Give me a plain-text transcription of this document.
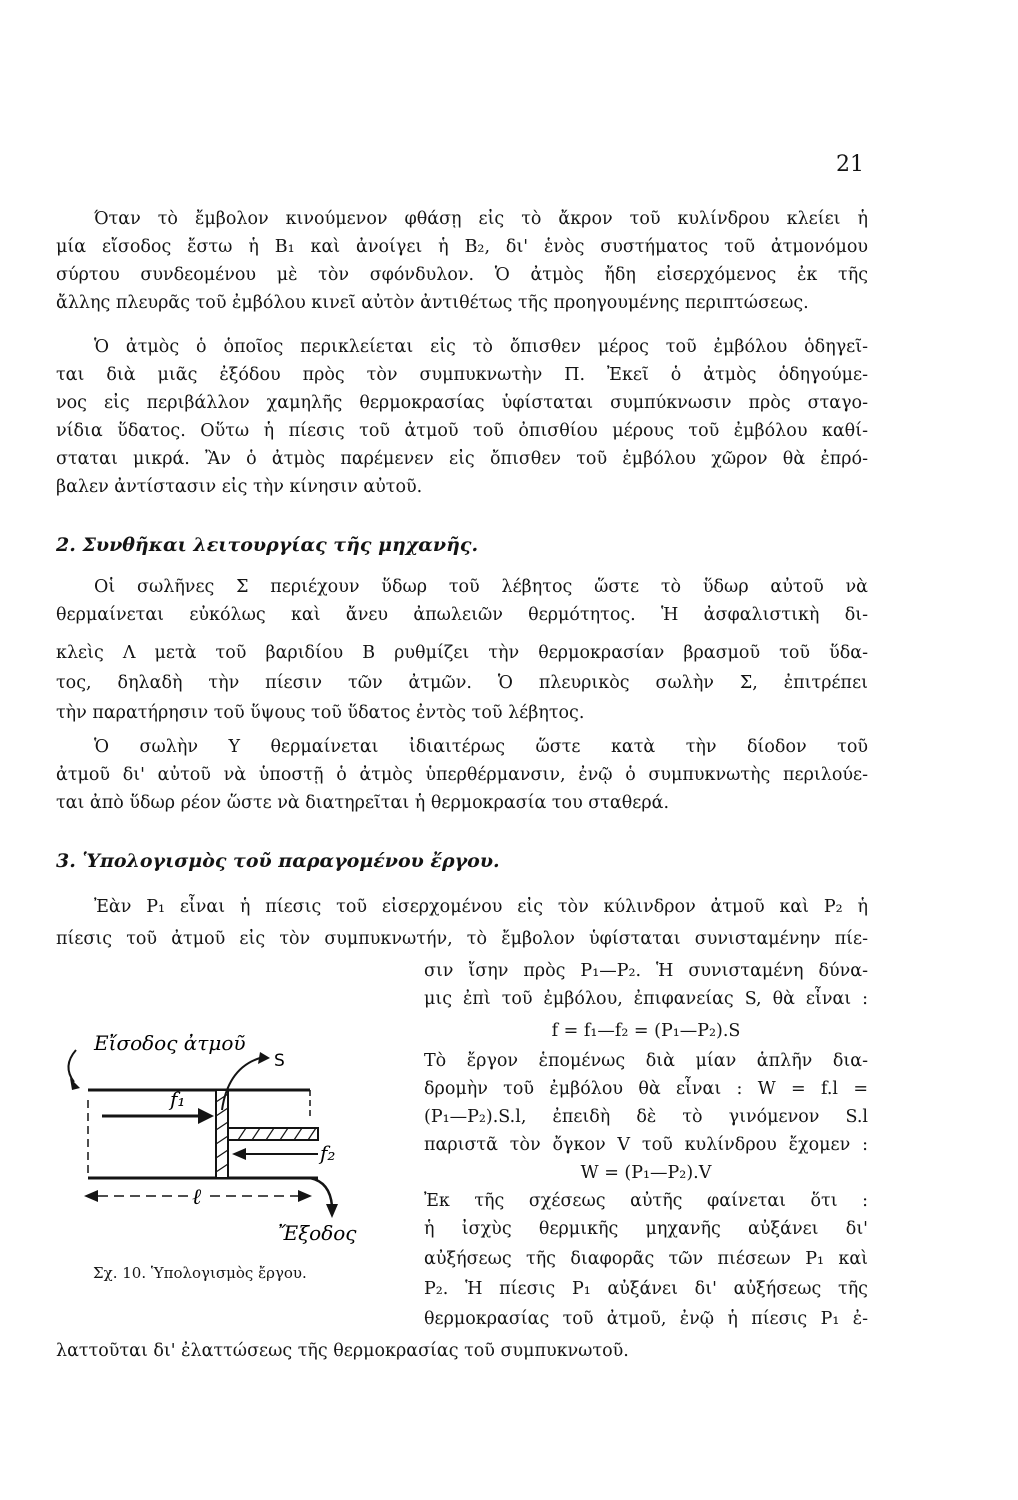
21
Όταν τὸ ἔμβολον κινούμενον φθάσῃ εἰς τὸ ἄκρον τοῦ κυλίνδρου κλείει ἡ
μία εἴσοδος ἔστω ἡ Β₁ καὶ ἀνοίγει ἡ Β₂, δι' ἑνὸς συστήματος τοῦ ἀτμονόμου
σύρτου συνδεομένου μὲ τὸν σφόνδυλον. Ὁ ἀτμὸς ἤδη εἰσερχόμενος ἐκ τῆς
ἄλλης πλευρᾶς τοῦ ἐμβόλου κινεῖ αὐτὸν ἀντιθέτως τῆς προηγουμένης περιπτώσεως.
Ὁ ἀτμὸς ὁ ὁποῖος περικλείεται εἰς τὸ ὄπισθεν μέρος τοῦ ἐμβόλου ὁδηγεῖ-
ται διὰ μιᾶς ἐξόδου πρὸς τὸν συμπυκνωτὴν Π. Ἐκεῖ ὁ ἀτμὸς ὁδηγούμε-
νος εἰς περιβάλλον χαμηλῆς θερμοκρασίας ὑφίσταται συμπύκνωσιν πρὸς σταγο-
νίδια ὕδατος. Οὕτω ἡ πίεσις τοῦ ἀτμοῦ τοῦ ὀπισθίου μέρους τοῦ ἐμβόλου καθί-
σταται μικρά. Ἂν ὁ ἀτμὸς παρέμενεν εἰς ὄπισθεν τοῦ ἐμβόλου χῶρον θὰ ἐπρό-
βαλεν ἀντίστασιν εἰς τὴν κίνησιν αὐτοῦ.
2. Συνθῆκαι λειτουργίας τῆς μηχανῆς.
Οἱ σωλῆνες Σ περιέχουν ὕδωρ τοῦ λέβητος ὥστε τὸ ὕδωρ αὐτοῦ νὰ
θερμαίνεται εὐκόλως καὶ ἄνευ ἀπωλειῶν θερμότητος. Ἡ ἀσφαλιστικὴ δι-
κλεὶς Λ μετὰ τοῦ βαριδίου Β ρυθμίζει τὴν θερμοκρασίαν βρασμοῦ τοῦ ὕδα-
τος, δηλαδὴ τὴν πίεσιν τῶν ἀτμῶν. Ὁ πλευρικὸς σωλὴν Σ, ἐπιτρέπει
τὴν παρατήρησιν τοῦ ὕψους τοῦ ὕδατος ἐντὸς τοῦ λέβητος.
Ὁ σωλὴν Υ θερμαίνεται ἰδιαιτέρως ὥστε κατὰ τὴν δίοδον τοῦ
ἀτμοῦ δι' αὐτοῦ νὰ ὑποστῇ ὁ ἀτμὸς ὑπερθέρμανσιν, ἐνῷ ὁ συμπυκνωτὴς περιλούε-
ται ἀπὸ ὕδωρ ρέον ὥστε νὰ διατηρεῖται ἡ θερμοκρασία του σταθερά.
3. Ὑπολογισμὸς τοῦ παραγομένου ἔργου.
Ἐὰν P₁ εἶναι ἡ πίεσις τοῦ εἰσερχομένου εἰς τὸν κύλινδρον ἀτμοῦ καὶ P₂ ἡ
πίεσις τοῦ ἀτμοῦ εἰς τὸν συμπυκνωτήν, τὸ ἔμβολον ὑφίσταται συνισταμένην πίε-
σιν ἴσην πρὸς P₁—P₂. Ἡ συνισταμένη δύνα-
μις ἐπὶ τοῦ ἐμβόλου, ἐπιφανείας S, θὰ εἶναι :
f = f₁—f₂ = (P₁—P₂).S
Τὸ ἔργον ἑπομένως διὰ μίαν ἁπλῆν δια-
δρομὴν τοῦ ἐμβόλου θὰ εἶναι : W = f.l =
(P₁—P₂).S.l, ἐπειδὴ δὲ τὸ γινόμενον S.l
παριστᾶ τὸν ὄγκον V τοῦ κυλίνδρου ἔχομεν :
W = (P₁—P₂).V
Ἐκ τῆς σχέσεως αὐτῆς φαίνεται ὅτι :
ἡ ἰσχὺς θερμικῆς μηχανῆς αὐξάνει δι'
αὐξήσεως τῆς διαφορᾶς τῶν πιέσεων P₁ καὶ
P₂. Ἡ πίεσις P₁ αὐξάνει δι' αὐξήσεως τῆς
θερμοκρασίας τοῦ ἀτμοῦ, ἐνῷ ἡ πίεσις P₁ ἐ-
λαττοῦται δι' ἐλαττώσεως τῆς θερμοκρασίας τοῦ συμπυκνωτοῦ.
Εἴσοδος ἀτμοῦ
S
f₁
f₂
ℓ
Ἔξοδος
Σχ. 10. Ὑπολογισμὸς ἔργου.
